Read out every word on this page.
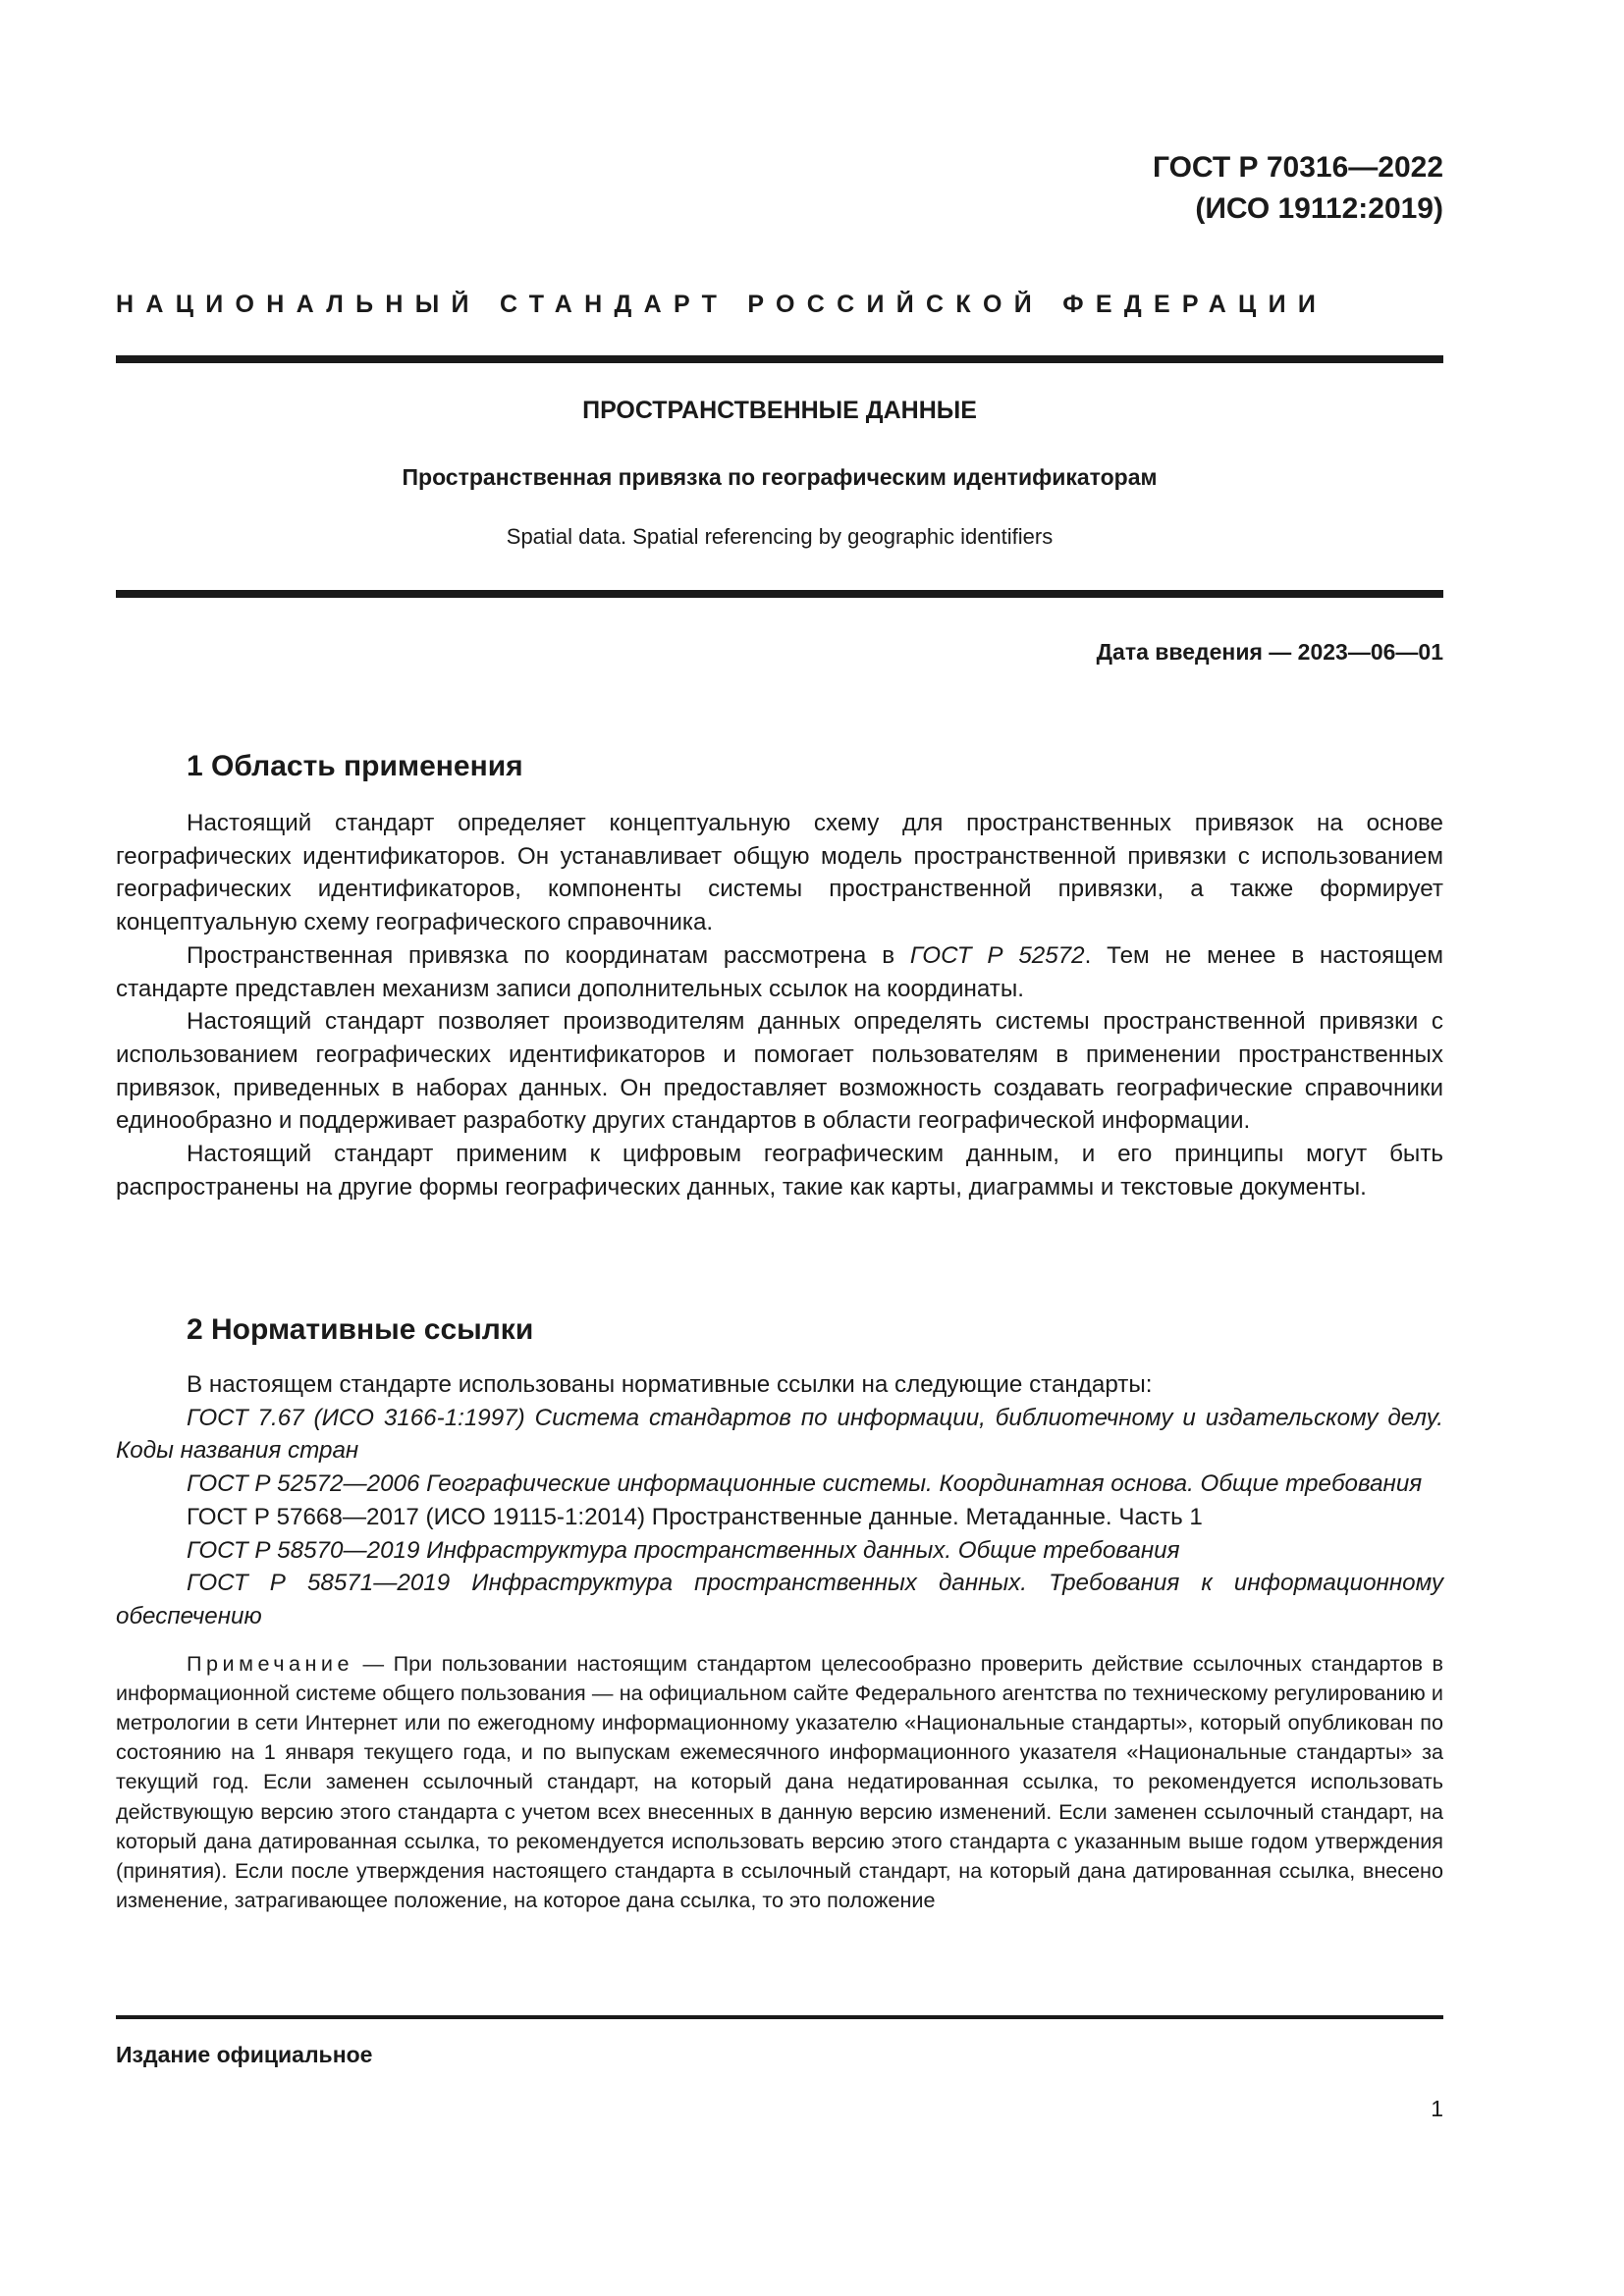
ГОСТ Р 70316—2022
(ИСО 19112:2019)
НАЦИОНАЛЬНЫЙ СТАНДАРТ РОССИЙСКОЙ ФЕДЕРАЦИИ
ПРОСТРАНСТВЕННЫЕ ДАННЫЕ
Пространственная привязка по географическим идентификаторам
Spatial data. Spatial referencing by geographic identifiers
Дата введения — 2023—06—01
1 Область применения

Настоящий стандарт определяет концептуальную схему для пространственных привязок на основе географических идентификаторов. Он устанавливает общую модель пространственной привязки с использованием географических идентификаторов, компоненты системы пространственной привязки, а также формирует концептуальную схему географического справочника.

Пространственная привязка по координатам рассмотрена в ГОСТ Р 52572. Тем не менее в настоящем стандарте представлен механизм записи дополнительных ссылок на координаты.

Настоящий стандарт позволяет производителям данных определять системы пространственной привязки с использованием географических идентификаторов и помогает пользователям в применении пространственных привязок, приведенных в наборах данных. Он предоставляет возможность создавать географические справочники единообразно и поддерживает разработку других стандартов в области географической информации.

Настоящий стандарт применим к цифровым географическим данным, и его принципы могут быть распространены на другие формы географических данных, такие как карты, диаграммы и текстовые документы.

2 Нормативные ссылки

В настоящем стандарте использованы нормативные ссылки на следующие стандарты:

ГОСТ 7.67 (ИСО 3166-1:1997) Система стандартов по информации, библиотечному и издательскому делу. Коды названия стран

ГОСТ Р 52572—2006 Географические информационные системы. Координатная основа. Общие требования

ГОСТ Р 57668—2017 (ИСО 19115-1:2014) Пространственные данные. Метаданные. Часть 1

ГОСТ Р 58570—2019 Инфраструктура пространственных данных. Общие требования

ГОСТ Р 58571—2019 Инфраструктура пространственных данных. Требования к информационному обеспечению

Примечание — При пользовании настоящим стандартом целесообразно проверить действие ссылочных стандартов в информационной системе общего пользования — на официальном сайте Федерального агентства по техническому регулированию и метрологии в сети Интернет или по ежегодному информационному указателю «Национальные стандарты», который опубликован по состоянию на 1 января текущего года, и по выпускам ежемесячного информационного указателя «Национальные стандарты» за текущий год. Если заменен ссылочный стандарт, на который дана недатированная ссылка, то рекомендуется использовать действующую версию этого стандарта с учетом всех внесенных в данную версию изменений. Если заменен ссылочный стандарт, на который дана датированная ссылка, то рекомендуется использовать версию этого стандарта с указанным выше годом утверждения (принятия). Если после утверждения настоящего стандарта в ссылочный стандарт, на который дана датированная ссылка, внесено изменение, затрагивающее положение, на которое дана ссылка, то это положение

Издание официальное
1
